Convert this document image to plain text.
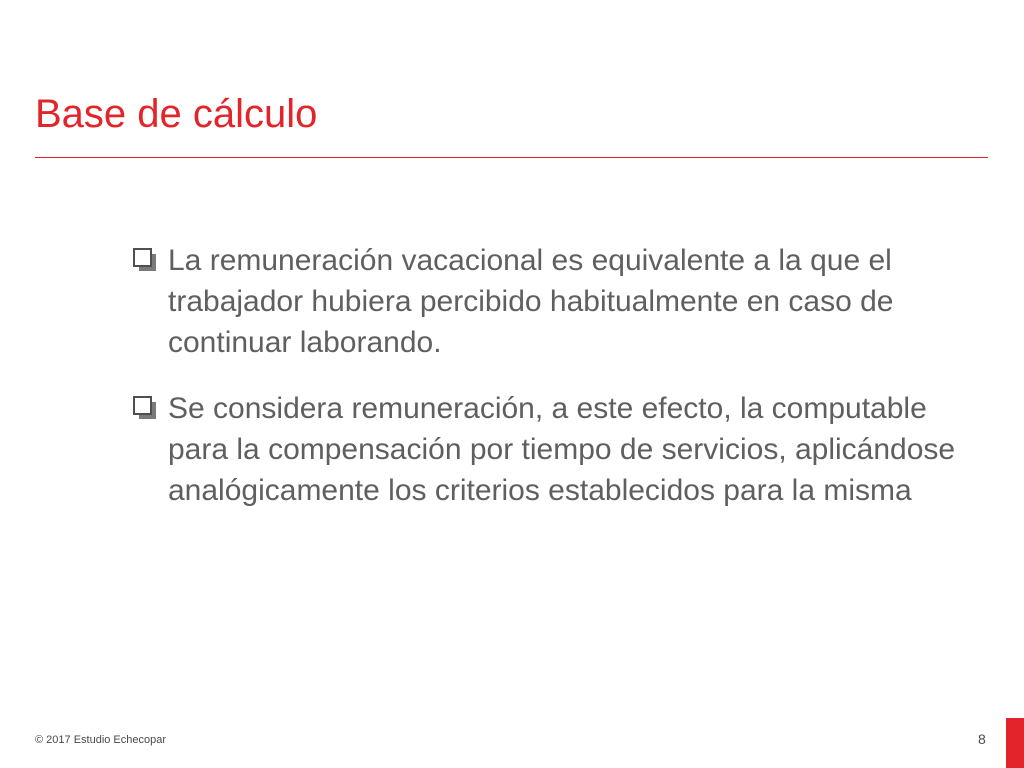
Base de cálculo
La remuneración vacacional es equivalente a la que el trabajador hubiera percibido habitualmente en caso de continuar laborando.
Se considera remuneración, a este efecto, la computable para la compensación por tiempo de servicios, aplicándose analógicamente los criterios establecidos para la misma
© 2017 Estudio Echecopar	8
